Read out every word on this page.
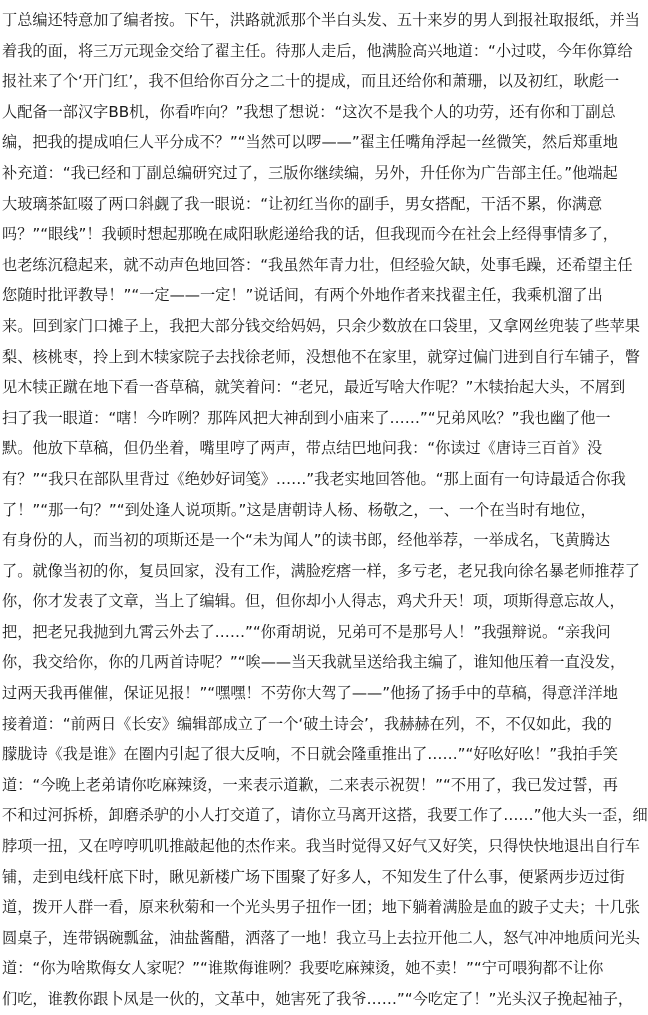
丁总编还特意加了编者按。下午，洪路就派那个半白头发、五十来岁的男人到报社取报纸，并当
着我的面，将三万元现金交给了翟主任。待那人走后，他满脸高兴地道：“小过哎，今年你算给
报社来了个‘开门红’，我不但给你百分之二十的提成，而且还给你和萧珊，以及初红，耿彪一
人配备一部汉字BB机，你看咋向？”我想了想说：“这次不是我个人的功劳，还有你和丁副总
编，把我的提成咱仨人平分成不？”“当然可以啰——”翟主任嘴角浮起一丝微笑，然后郑重地
补充道：“我已经和丁副总编研究过了，三版你继续编，另外，升任你为广告部主任。”他端起
大玻璃茶缸啜了两口斜觑了我一眼说：“让初红当你的副手，男女搭配，干活不累，你满意
吗？”“眼线”！我顿时想起那晚在咸阳耿彪递给我的话，但我现而今在社会上经得事情多了，
也老练沉稳起来，就不动声色地回答：“我虽然年青力壮，但经验欠缺，处事毛躁，还希望主任
您随时批评教导！”“一定——一定！”说话间，有两个外地作者来找翟主任，我乘机溜了出
来。回到家门口摊子上，我把大部分钱交给妈妈，只余少数放在口袋里，又拿网丝兜装了些苹果
梨、核桃枣，拎上到木犊家院子去找徐老师，没想他不在家里，就穿过偏门进到自行车铺子，瞥
见木犊正蹴在地下看一沓草稿，就笑着问：“老兄，最近写啥大作呢？”木犊抬起大头，不屑到
扫了我一眼道：“嗐！今咋咧？那阵风把大神刮到小庙来了……”“兄弟风吆？”我也幽了他一
默。他放下草稿，但仍坐着，嘴里哼了两声，带点结巴地问我：“你读过《唐诗三百首》没
有？”“我只在部队里背过《绝妙好词笺》……”我老实地回答他。“那上面有一句诗最适合你我
了！”“那一句？”“到处逢人说项斯。”这是唐朝诗人杨、杨敬之，一、一个在当时有地位，
有身份的人，而当初的项斯还是一个“未为闻人”的读书郎，经他举荐，一举成名，飞黄腾达
了。就像当初的你，复员回家，没有工作，满脸疙瘩一样，多亏老，老兄我向徐名暴老师推荐了
你，你才发表了文章，当上了编辑。但，但你却小人得志，鸡犬升天！项，项斯得意忘故人，
把，把老兄我抛到九霄云外去了……”“你甭胡说，兄弟可不是那号人！”我强辩说。“亲我问
你，我交给你，你的几两首诗呢？”“唉——当天我就呈送给我主编了，谁知他压着一直没发，
过两天我再催催，保证见报！”“嘿嘿！不劳你大驾了——”他扬了扬手中的草稿，得意洋洋地
接着道：“前两日《长安》编辑部成立了一个‘破土诗会’，我赫赫在列，不，不仅如此，我的
朦胧诗《我是谁》在圈内引起了很大反响，不日就会隆重推出了……”“好吆好吆！”我拍手笑
道：“今晚上老弟请你吃麻辣烫，一来表示道歉，二来表示祝贺！”“不用了，我已发过誓，再
不和过河拆桥，卸磨杀驴的小人打交道了，请你立马离开这搭，我要工作了……”他大头一歪，细
脖项一扭，又在哼哼叽叽推敲起他的杰作来。我当时觉得又好气又好笑，只得快快地退出自行车
铺，走到电线杆底下时，瞅见新楼广场下围聚了好多人，不知发生了什么事，便紧两步迈过街
道，拨开人群一看，原来秋菊和一个光头男子扭作一团；地下躺着满脸是血的跛子丈夫；十几张
圆桌子，连带锅碗瓢盆，油盐酱醋，洒落了一地！我立马上去拉开他二人，怒气冲冲地质问光头
道：“你为啥欺侮女人家呢？”“谁欺侮谁咧？我要吃麻辣烫，她不卖！”“宁可喂狗都不让你
们吃，谁教你跟卜凤是一伙的，文革中，她害死了我爷……”“今吃定了！”光头汉子挽起袖子，
